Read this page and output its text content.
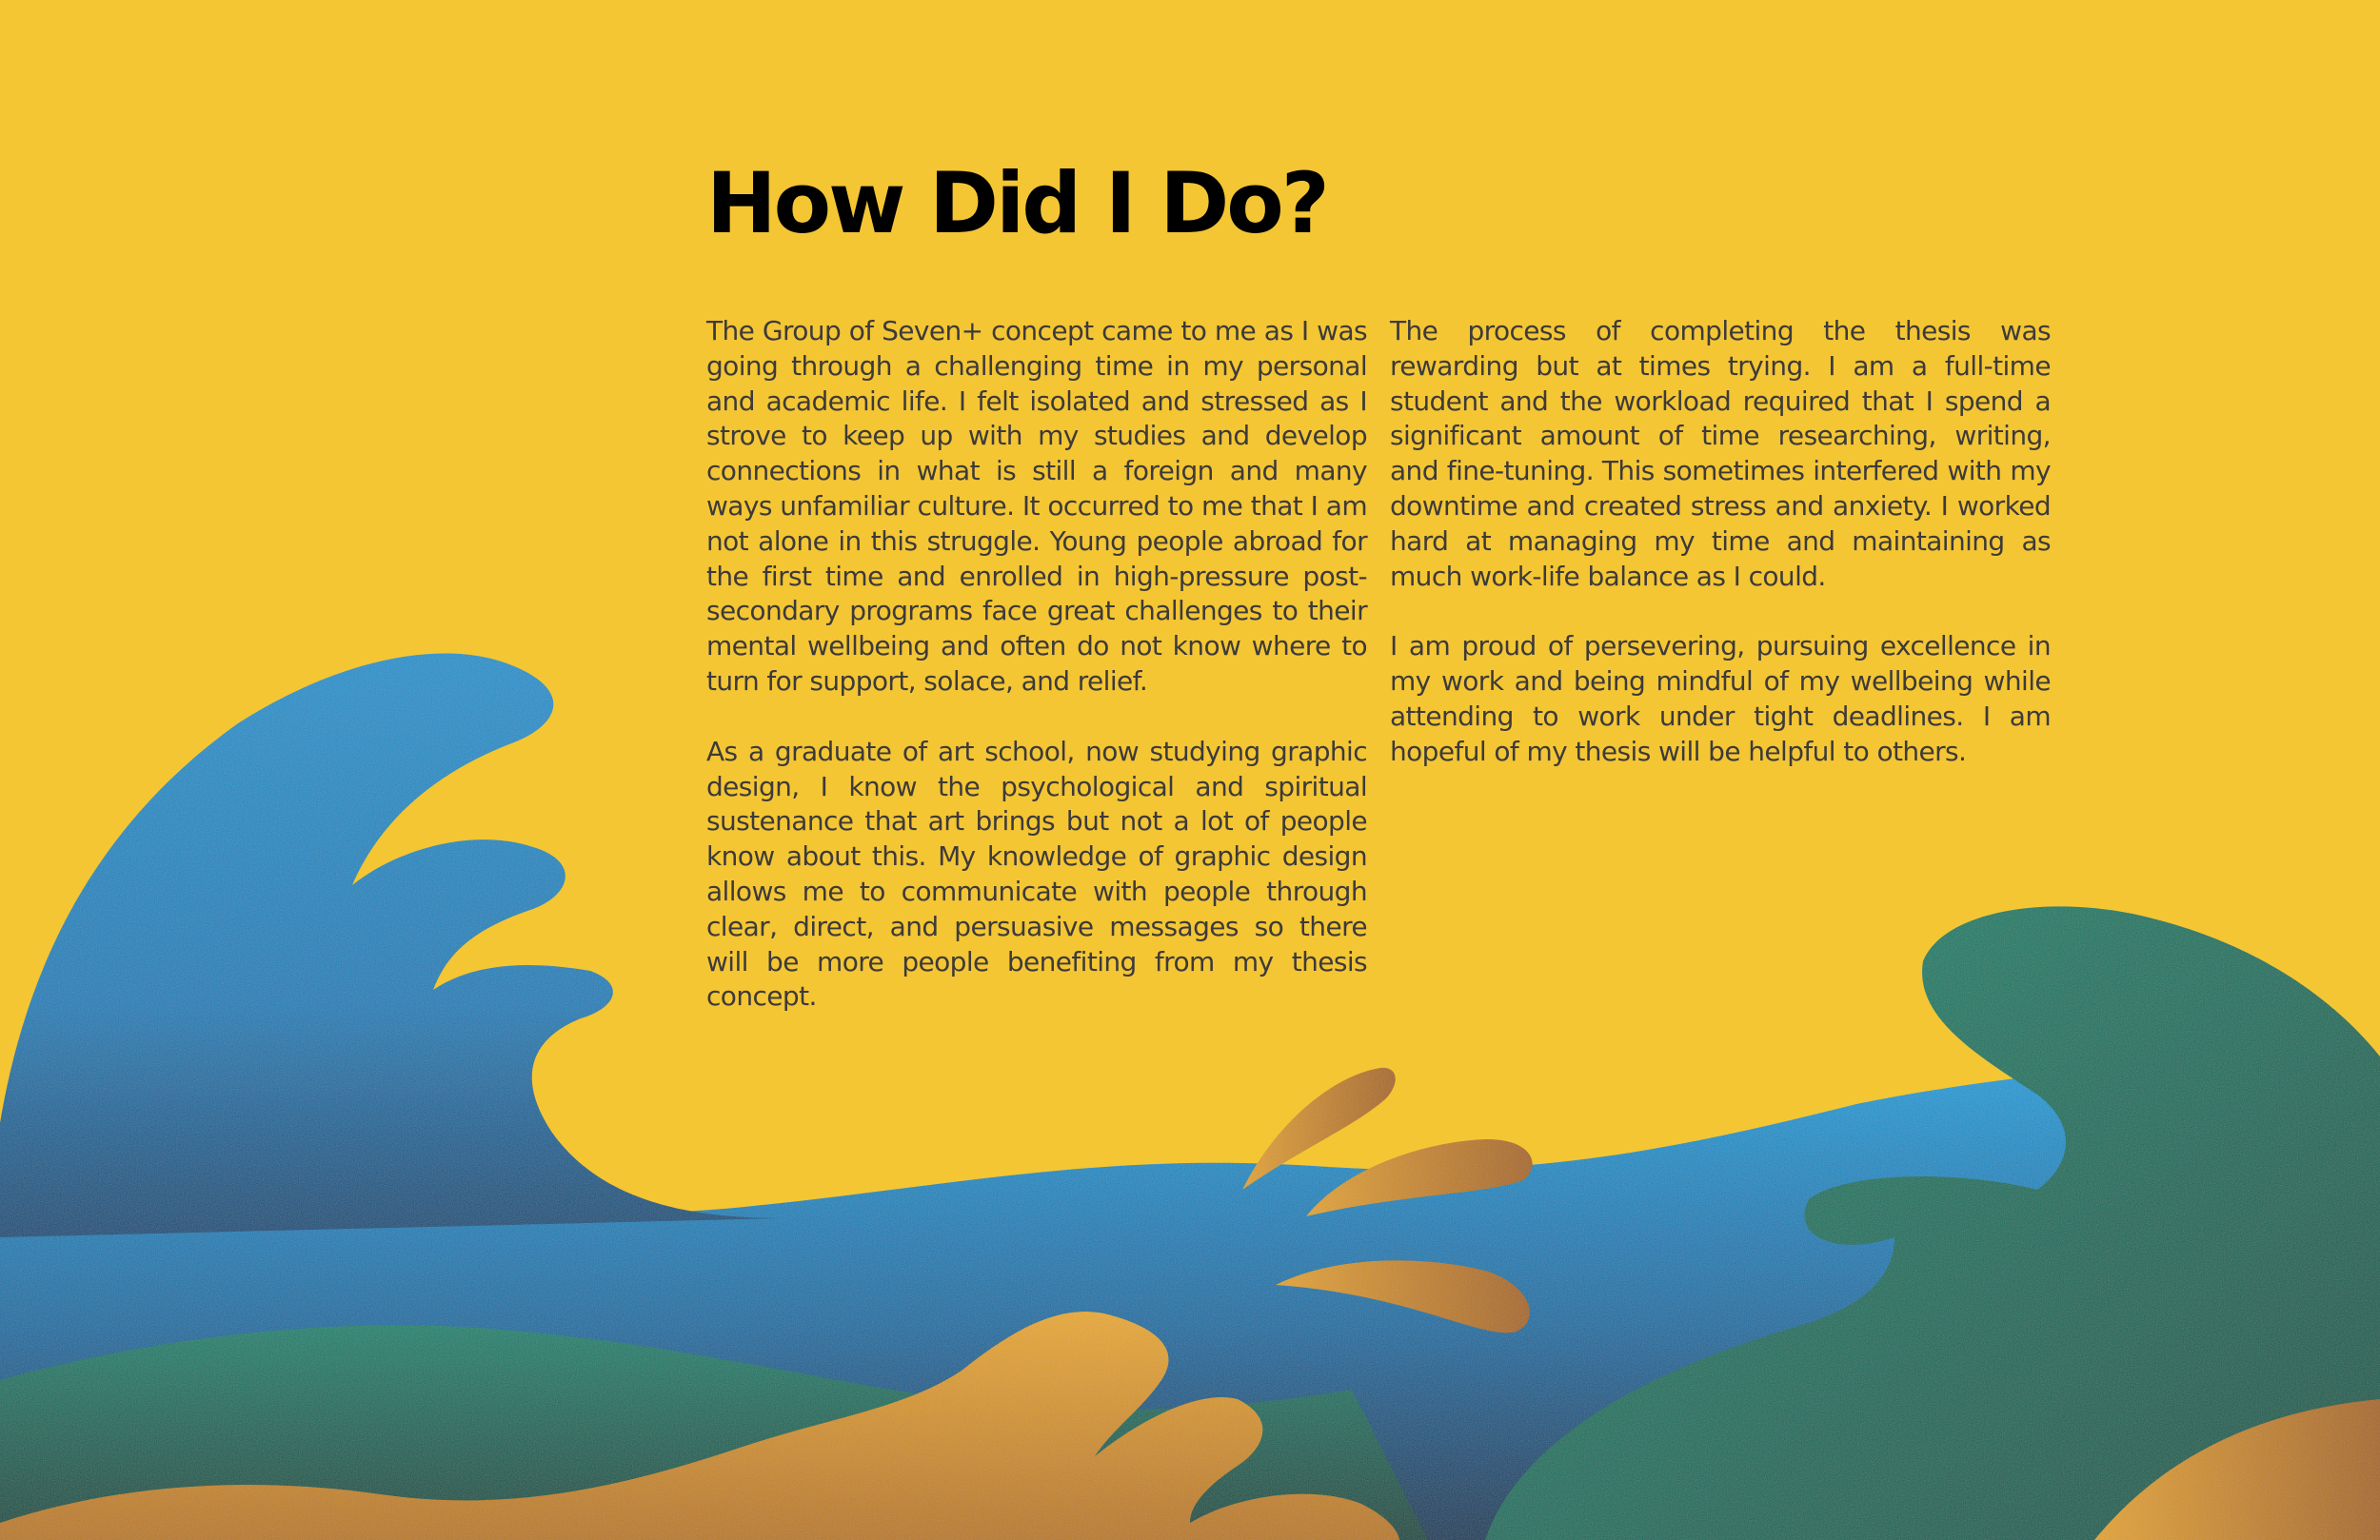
How Did I Do?

The Group of Seven+ concept came to me as I was going through a challenging time in my personal and academic life. I felt isolated and stressed as I strove to keep up with my studies and develop connections in what is still a foreign and many ways unfamiliar culture. It occurred to me that I am not alone in this struggle. Young people abroad for the first time and enrolled in high-pressure post-secondary programs face great challenges to their mental wellbeing and often do not know where to turn for support, solace, and relief.

As a graduate of art school, now studying graphic design, I know the psychological and spiritual sustenance that art brings but not a lot of people know about this. My knowledge of graphic design allows me to communicate with people through clear, direct, and persuasive messages so there will be more people benefiting from my thesis concept.

The process of completing the thesis was rewarding but at times trying. I am a full-time student and the workload required that I spend a significant amount of time researching, writing, and fine-tuning. This sometimes interfered with my downtime and created stress and anxiety. I worked hard at managing my time and maintaining as much work-life balance as I could.

I am proud of persevering, pursuing excellence in my work and being mindful of my wellbeing while attending to work under tight deadlines. I am hopeful of my thesis will be helpful to others.
